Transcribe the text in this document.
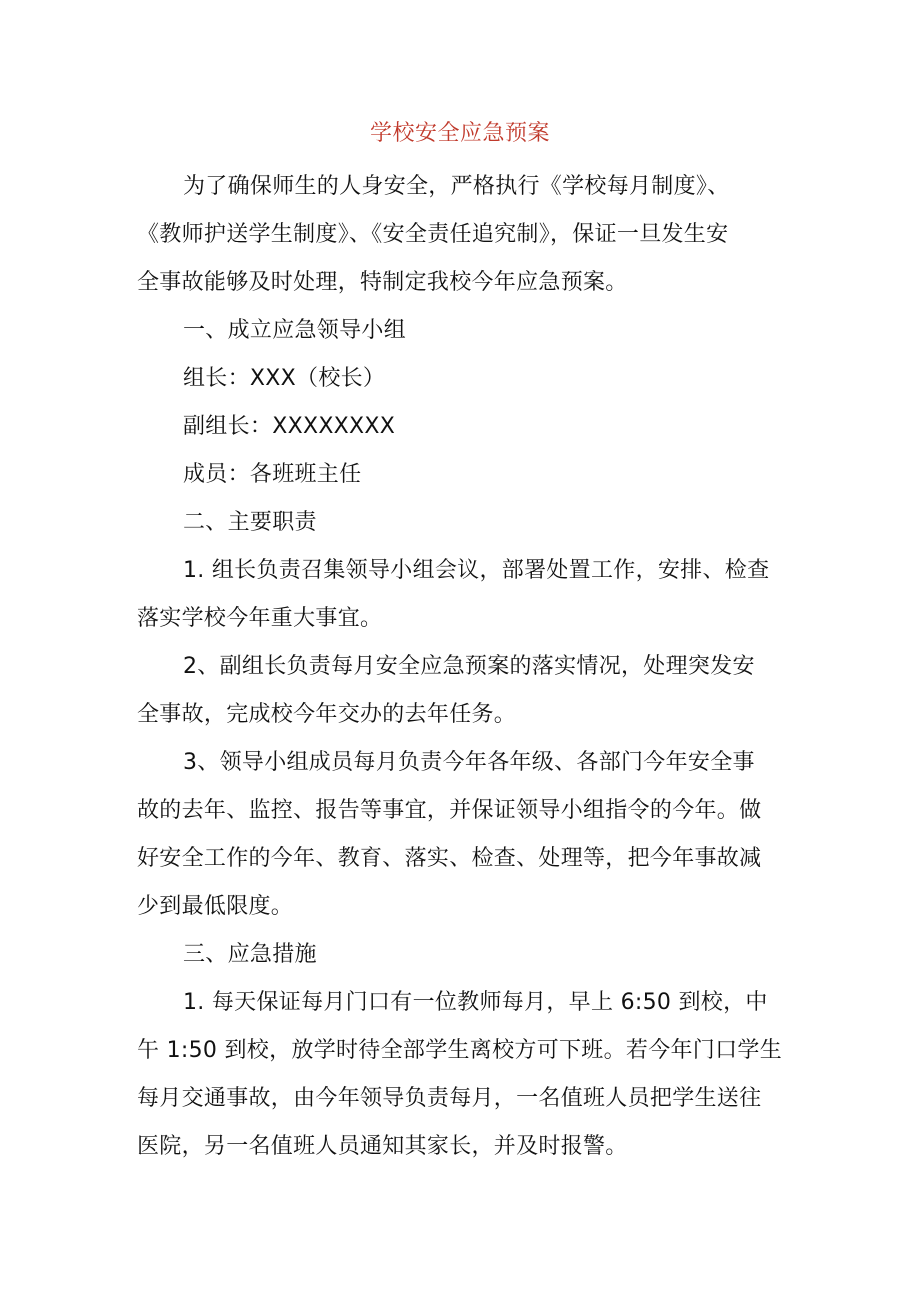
学校安全应急预案
为了确保师生的人身安全，严格执行《学校每月制度》、
《教师护送学生制度》、《安全责任追究制》，保证一旦发生安
全事故能够及时处理，特制定我校今年应急预案。

一、成立应急领导小组

组长：XXX（校长）

副组长：XXXXXXXX

成员：各班班主任

二、主要职责

1. 组长负责召集领导小组会议，部署处置工作，安排、检查
落实学校今年重大事宜。
2、副组长负责每月安全应急预案的落实情况，处理突发安
全事故，完成校今年交办的去年任务。
3、领导小组成员每月负责今年各年级、各部门今年安全事
故的去年、监控、报告等事宜，并保证领导小组指令的今年。做
好安全工作的今年、教育、落实、检查、处理等，把今年事故减
少到最低限度。

三、应急措施

1. 每天保证每月门口有一位教师每月，早上 6:50 到校，中
午 1:50 到校，放学时待全部学生离校方可下班。若今年门口学生
每月交通事故，由今年领导负责每月，一名值班人员把学生送往
医院，另一名值班人员通知其家长，并及时报警。
